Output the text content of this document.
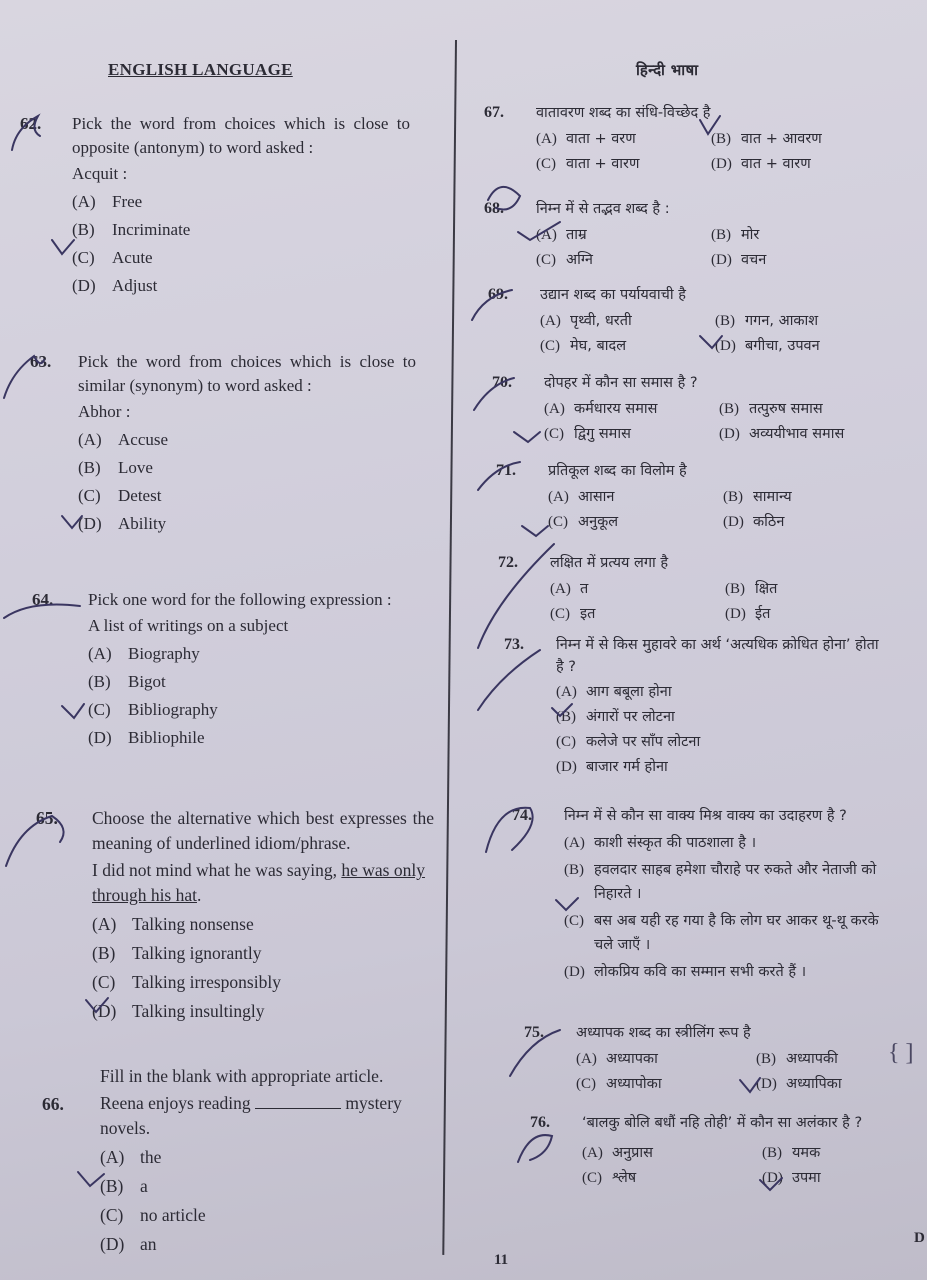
ENGLISH LANGUAGE	हिन्दी भाषा
62. Pick the word from choices which is close to opposite (antonym) to word asked :
Acquit :
(A) Free
(B) Incriminate
(C) Acute
(D) Adjust
63. Pick the word from choices which is close to similar (synonym) to word asked :
Abhor :
(A) Accuse
(B) Love
(C) Detest
(D) Ability
64. Pick one word for the following expression :
A list of writings on a subject
(A) Biography
(B) Bigot
(C) Bibliography
(D) Bibliophile
65. Choose the alternative which best expresses the meaning of underlined idiom/phrase.
I did not mind what he was saying, he was only through his hat.
(A) Talking nonsense
(B) Talking ignorantly
(C) Talking irresponsibly
(D) Talking insultingly
66.
Fill in the blank with appropriate article.
Reena enjoys reading	mystery novels.
(A) the
(B) a
(C) no article
(D) an
67. वातावरण शब्द का संधि-विच्छेद है
(A) वाता + वरण	(B) वात + आवरण
(C) वाता + वारण	(D) वात + वारण
68. निम्न में से तद्भव शब्द है :
(A) ताम्र	(B) मोर
(C) अग्नि	(D) वचन
69. उद्यान शब्द का पर्यायवाची है
(A) पृथ्वी, धरती	(B) गगन, आकाश
(C) मेघ, बादल	(D) बगीचा, उपवन
70. दोपहर में कौन सा समास है ?
(A) कर्मधारय समास	(B) तत्पुरुष समास
(C) द्विगु समास	(D) अव्ययीभाव समास
71. प्रतिकूल शब्द का विलोम है
(A) आसान	(B) सामान्य
(C) अनुकूल	(D) कठिन
72. लक्षित में प्रत्यय लगा है
(A) त	(B) क्षित
(C) इत	(D) ईत
73. निम्न में से किस मुहावरे का अर्थ ‘अत्यधिक क्रोधित होना’ होता है ?
(A) आग बबूला होना
(B) अंगारों पर लोटना
(C) कलेजे पर साँप लोटना
(D) बाजार गर्म होना
74. निम्न में से कौन सा वाक्य मिश्र वाक्य का उदाहरण है ?
(A) काशी संस्कृत की पाठशाला है ।
(B) हवलदार साहब हमेशा चौराहे पर रुकते और नेताजी को निहारते ।
(C) बस अब यही रह गया है कि लोग घर आकर थू-थू करके चले जाएँ ।
(D) लोकप्रिय कवि का सम्मान सभी करते हैं ।
75. अध्यापक शब्द का स्त्रीलिंग रूप है
(A) अध्यापका	(B) अध्यापकी
(C) अध्यापोका	(D) अध्यापिका
76. ‘बालकु बोलि बधौं नहि तोही’ में कौन सा अलंकार है ?
(A) अनुप्रास	(B) यमक
(C) श्लेष	(D) उपमा
11
D
{ ]
